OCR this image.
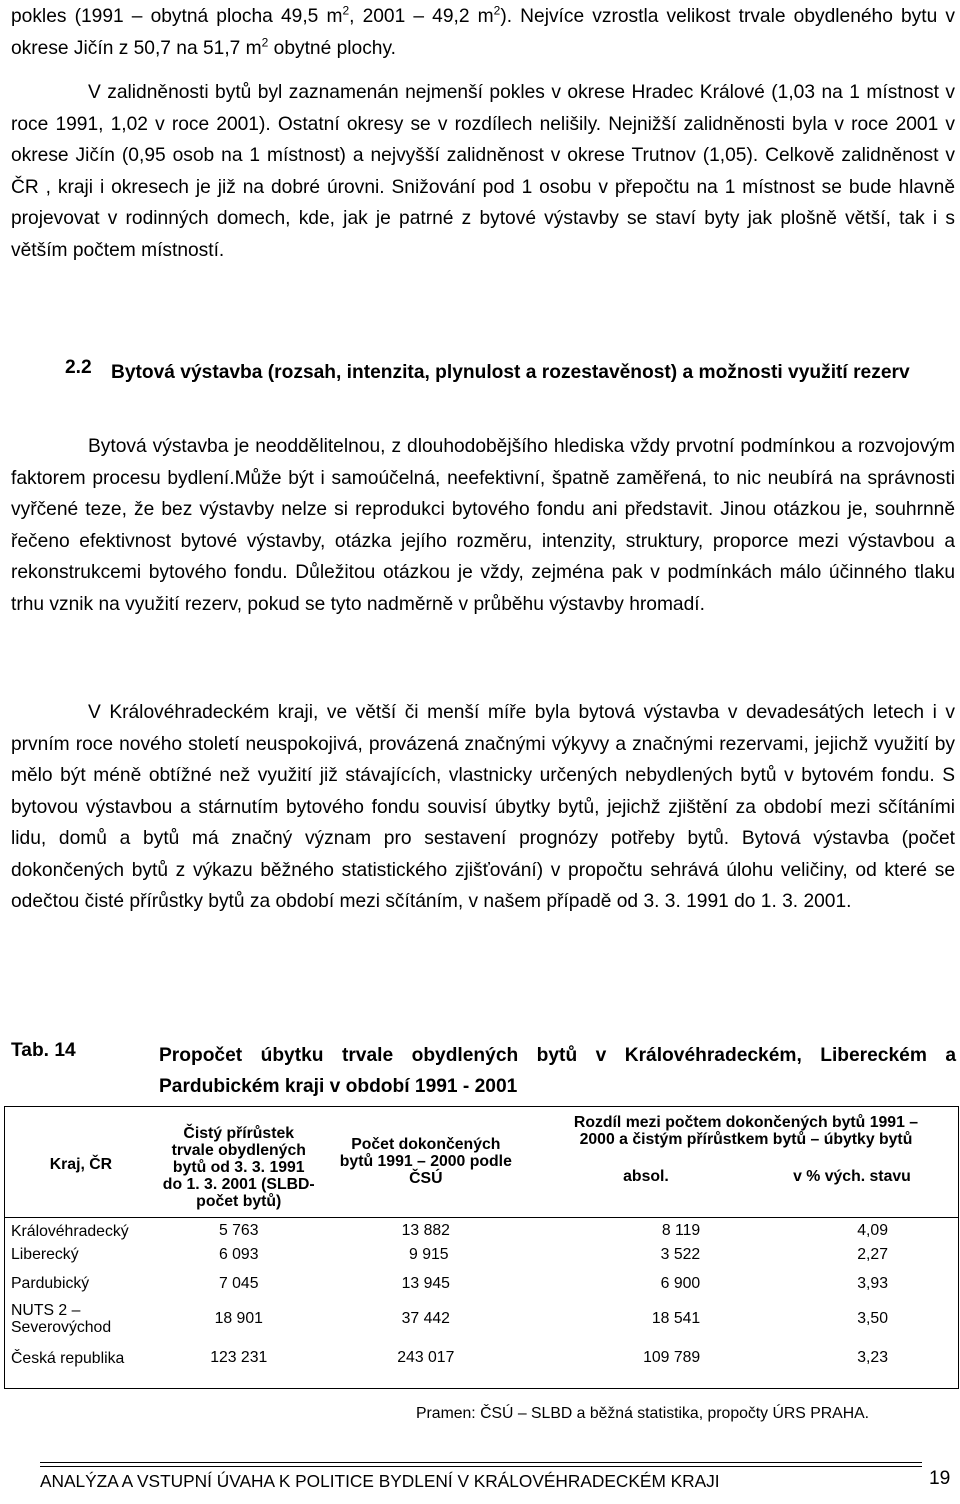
pokles (1991 – obytná plocha 49,5 $m^2$, 2001 – 49,2 $m^2$). Nejvíce vzrostla velikost trvale obydleného bytu v okrese Jičín z 50,7 na 51,7 $m^2$ obytné plochy.

V zalidněnosti bytů byl zaznamenán nejmenší pokles v okrese Hradec Králové (1,03 na 1 místnost v roce 1991, 1,02 v roce 2001). Ostatní okresy se v rozdílech nelišily. Nejnižší zalidněnosti byla v roce 2001 v okrese Jičín (0,95 osob na 1 místnost) a nejvyšší zalidněnost v okrese Trutnov (1,05). Celkově zalidněnost v ČR , kraji i okresech je již na dobré úrovni. Snižování pod 1 osobu v přepočtu na 1 místnost se bude hlavně projevovat v rodinných domech, kde, jak je patrné z bytové výstavby se staví byty jak plošně větší, tak i s větším počtem místností.

2.2 Bytová výstavba (rozsah, intenzita, plynulost a rozestavěnost) a možnosti využití rezerv

Bytová výstavba je neoddělitelnou, z dlouhodobějšího hlediska vždy prvotní podmínkou a rozvojovým faktorem procesu bydlení.Může být i samoúčelná, neefektivní, špatně zaměřená, to nic neubírá na správnosti vyřčené teze, že bez výstavby nelze si reprodukci bytového fondu ani představit. Jinou otázkou je, souhrnně řečeno efektivnost bytové výstavby, otázka jejího rozměru, intenzity, struktury, proporce mezi výstavbou a rekonstrukcemi bytového fondu. Důležitou otázkou je vždy, zejména pak v podmínkách málo účinného tlaku trhu vznik na využití rezerv, pokud se tyto nadměrně v průběhu výstavby hromadí.

V Královéhradeckém kraji, ve větší či menší míře byla bytová výstavba v devadesátých letech i v prvním roce nového století neuspokojivá, provázená značnými výkyvy a značnými rezervami, jejichž využití by mělo být méně obtížné než využití již stávajících, vlastnicky určených nebydlených bytů v bytovém fondu. S bytovou výstavbou a stárnutím bytového fondu souvisí úbytky bytů, jejichž zjištění za období mezi sčítáními lidu, domů a bytů má značný význam pro sestavení prognózy potřeby bytů. Bytová výstavba (počet dokončených bytů z výkazu běžného statistického zjišťování) v propočtu sehrává úlohu veličiny, od které se odečtou čisté přírůstky bytů za období mezi sčítáním, v našem případě od 3. 3. 1991 do 1. 3. 2001.

Tab. 14	Propočet úbytku trvale obydlených bytů v Královéhradeckém, Libereckém a Pardubickém kraji v období 1991 - 2001
Kraj, ČR	Čistý přírůstek trvale obydlených bytů od 3. 3. 1991 do 1. 3. 2001 (SLBD- počet bytů)	Počet dokončených bytů 1991 – 2000 podle ČSÚ	Rozdíl mezi počtem dokončených bytů 1991 – 2000 a čistým přírůstkem bytů – úbytky bytů
absol. v % vých. stavu	

Královéhradecký	5 763	13 882	8 119	4,09
Liberecký	6 093	9 915	3 522	2,27
Pardubický	7 045	13 945	6 900	3,93
NUTS 2 – Severovýchod	18 901	37 442	18 541	3,50
Česká republika	123 231	243 017	109 789	3,23
Pramen: ČSÚ – SLBD a běžná statistika, propočty ÚRS PRAHA.
ANALÝZA A VSTUPNÍ ÚVAHA K POLITICE BYDLENÍ V KRÁLOVÉHRADECKÉM KRAJI	19
